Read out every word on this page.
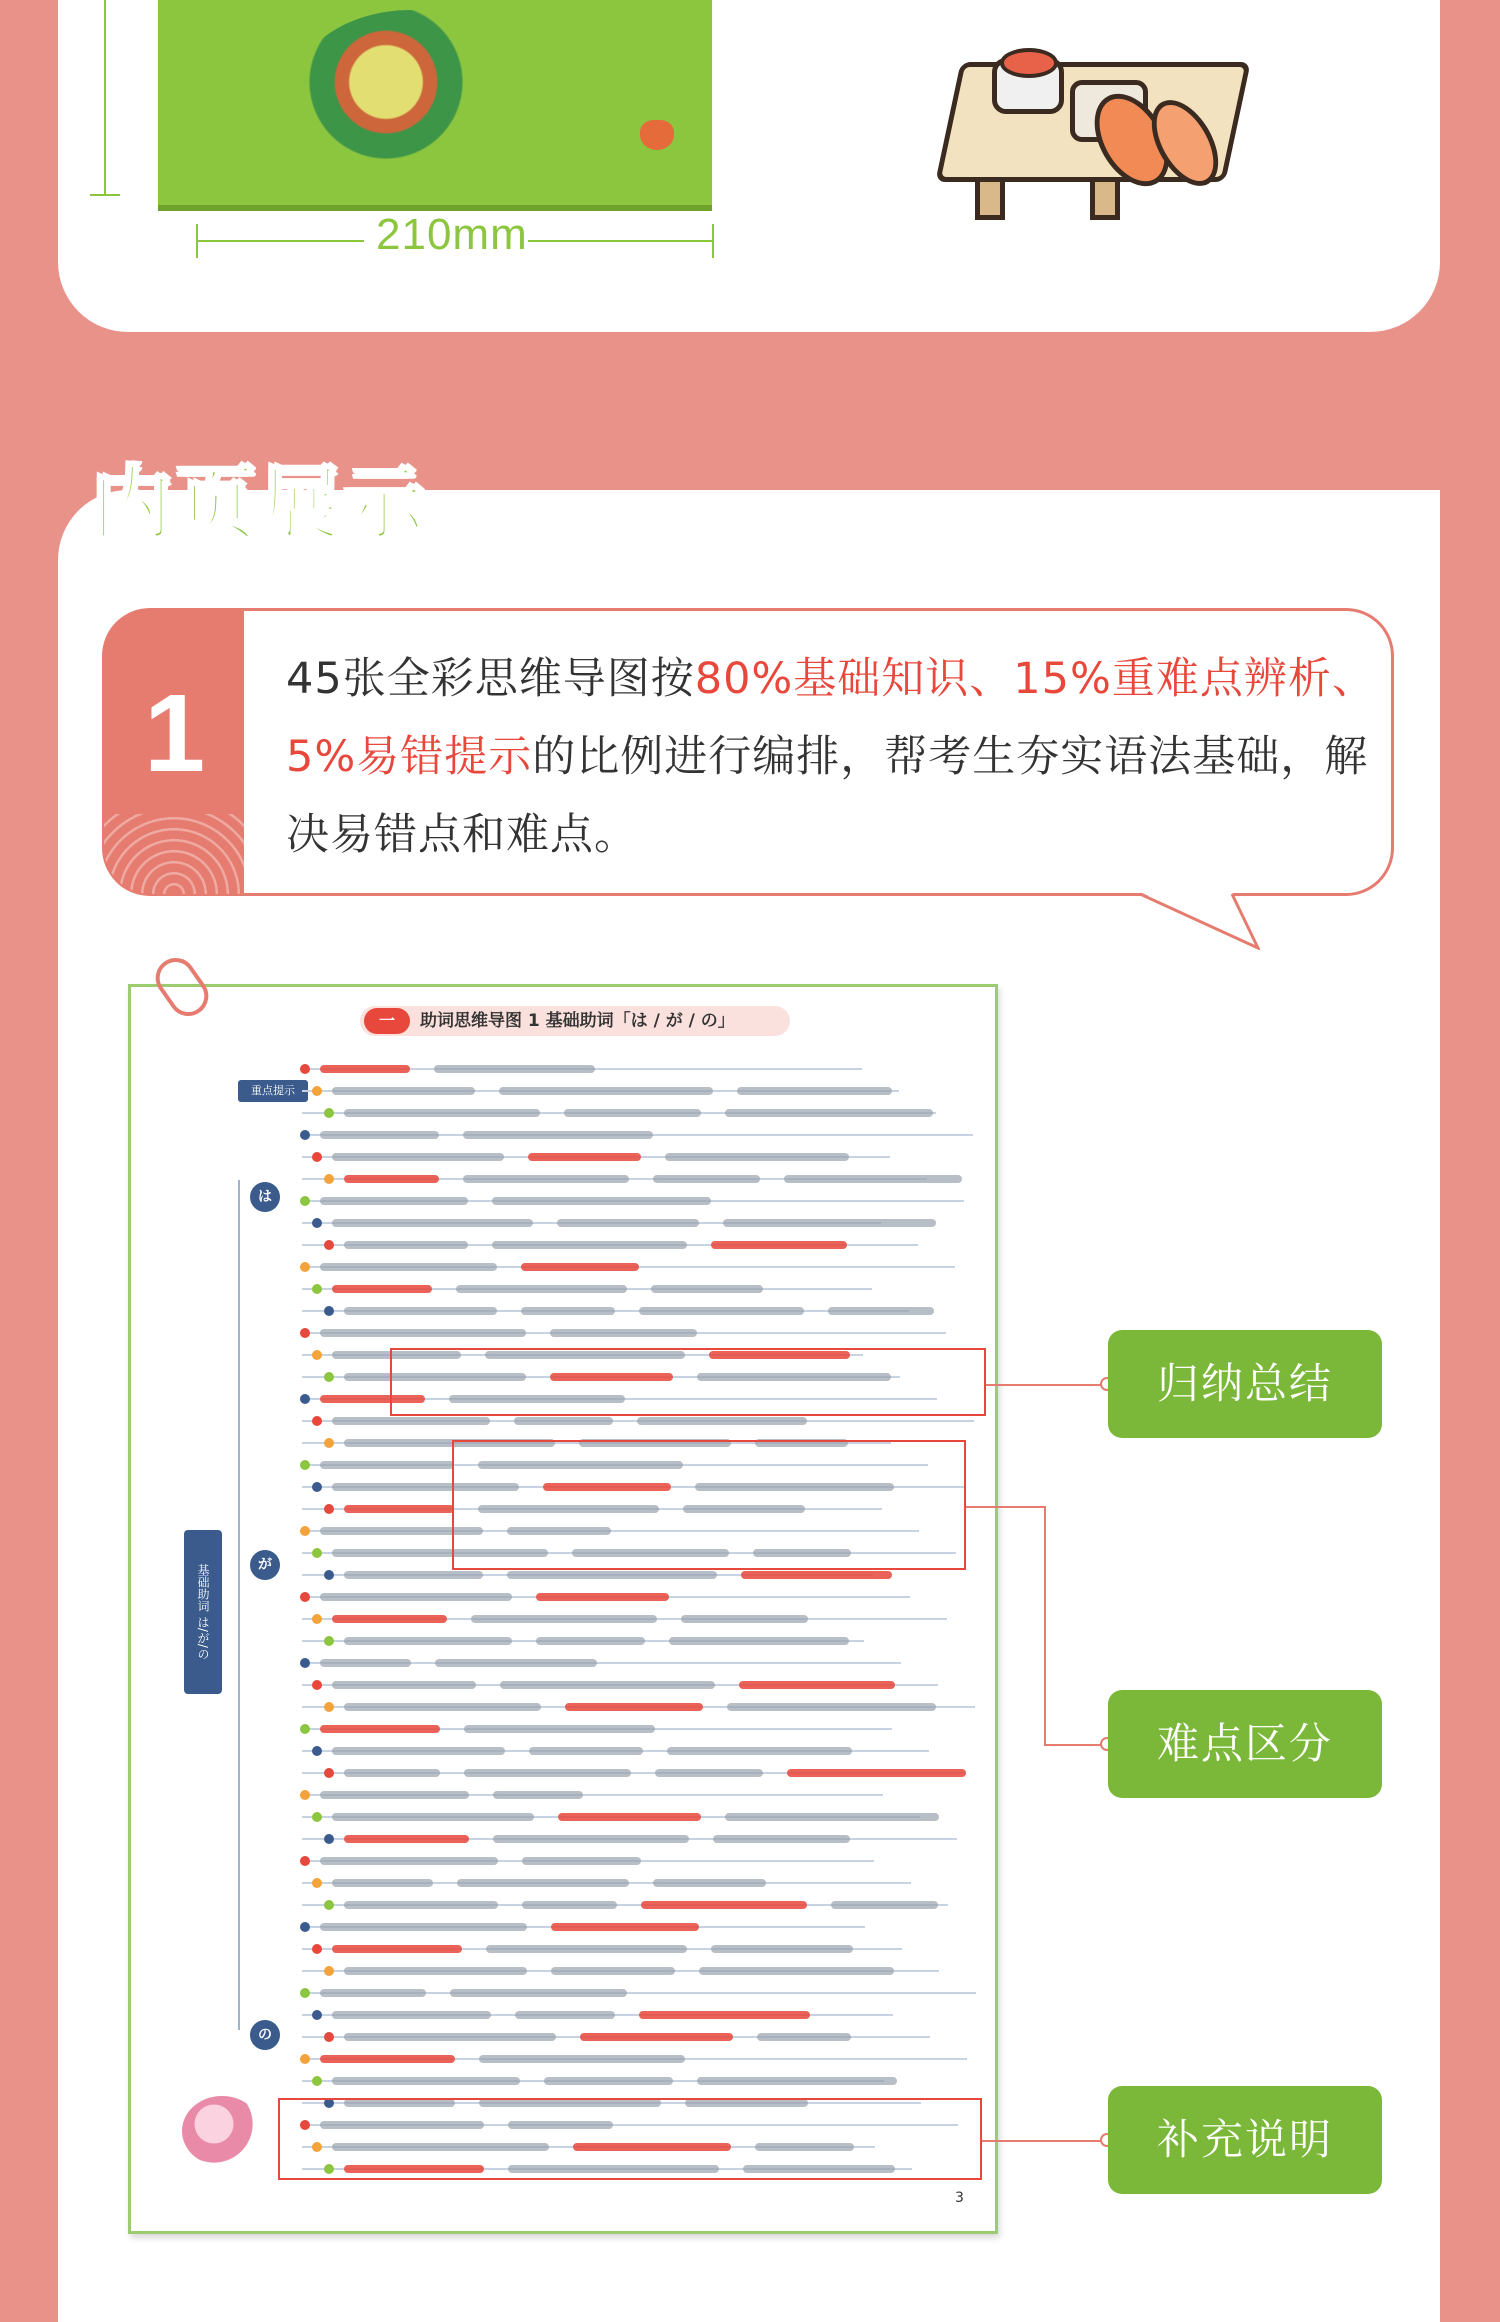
210mm
内页展示
1 45张全彩思维导图按80%基础知识、15%重难点辨析、5%易错提示的比例进行编排，帮考生夯实语法基础，解决易错点和难点。

助词思维导图 1 基础助词「は / が / の」
一
重点提示
基础助词 は/が/の
は
が
の
3
归纳总结
难点区分
补充说明
